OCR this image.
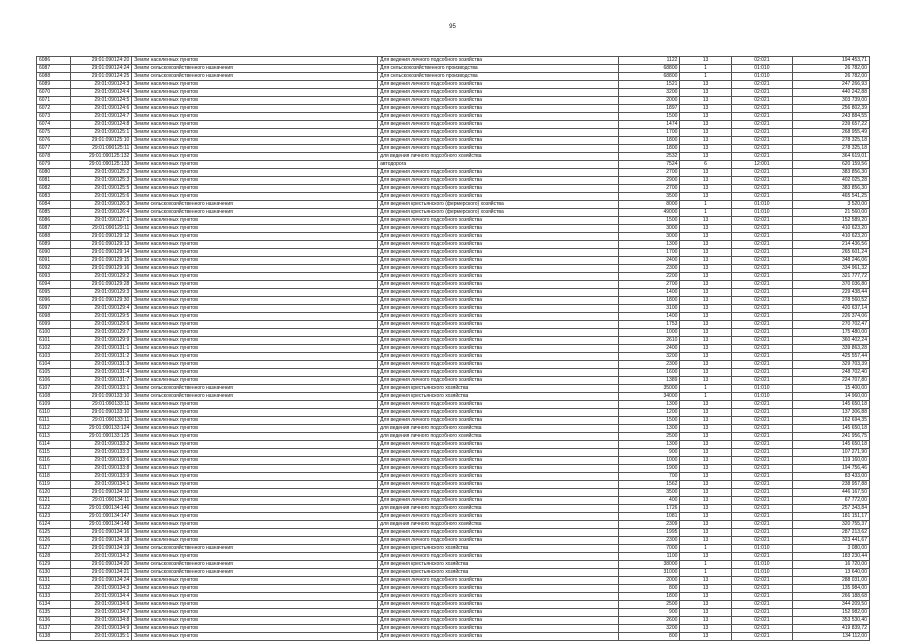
95
6086	29:01:090124:20	Земли населенных пунктов	Для ведения личного подсобного хозяйства	1122	13	02:021	194 453,71
6087	29:01:090124:24	Земли сельскохозяйственного назначения	Для сельскохозяйственного производства	68800	1	01:010	26 782,00
6088	29:01:090124:25	Земли сельскохозяйственного назначения	Для сельскохозяйственного производства	68800	1	01:010	26 782,00
6089	29:01:090124:3	Земли населенных пунктов	Для ведения личного подсобного хозяйства	1521	13	02:021	247 266,93
6070	29:01:090124:4	Земли населенных пунктов	Для ведения личного подсобного хозяйства	3200	13	02:021	440 242,88
6071	29:01:090124:5	Земли населенных пунктов	Для ведения личного подсобного хозяйства	2000	13	02:021	303 739,00
6072	29:01:090124:6	Земли населенных пунктов	Для ведения личного подсобного хозяйства	1897	13	02:021	256 802,39
6073	29:01:090124:7	Земли населенных пунктов	Для ведения личного подсобного хозяйства	1500	13	02:021	243 884,55
6074	29:01:090124:8	Земли населенных пунктов	Для ведения личного подсобного хозяйства	1474	13	02:021	239 657,22
6075	29:01:090125:1	Земли населенных пунктов	Для ведения личного подсобного хозяйства	1700	13	02:021	268 955,49
6076	29:01:090125:10	Земли населенных пунктов	Для ведения личного подсобного хозяйства	1800	13	02:021	278 325,18
6077	29:01:090125:11	Земли населенных пунктов	Для ведения личного подсобного хозяйства	1800	13	02:021	278 325,18
6078	29:01:090125:132	Земли населенных пунктов	для ведения личного подсобного хозяйства	2532	13	02:021	364 619,01
6079	29:01:090125:133	Земли населенных пунктов	автодорога	7524	6	12:001	620 159,56
6080	29:01:090125:2	Земли населенных пунктов	Для ведения личного подсобного хозяйства	2700	13	02:021	383 856,30
6081	29:01:090125:3	Земли населенных пунктов	Для ведения личного подсобного хозяйства	2900	13	02:021	402 025,28
6082	29:01:090125:5	Земли населенных пунктов	Для ведения личного подсобного хозяйства	2700	13	02:021	383 856,30
6083	29:01:090125:6	Земли населенных пунктов	Для ведения личного подсобного хозяйства	3500	13	02:021	465 541,25
6084	29:01:090126:3	Земли сельскохозяйственного назначения	Для ведения крестьянского (фермерского) хозяйства	8000	1	01:010	3 520,00
6085	29:01:090126:4	Земли сельскохозяйственного назначения	Для ведения крестьянского (фермерского) хозяйства	49000	1	01:010	21 560,00
6086	29:01:090127:1	Земли населенных пунктов	Для ведения личного подсобного хозяйства	1500	13	02:021	152 589,20
6087	29:01:090129:11	Земли населенных пунктов	Для ведения личного подсобного хозяйства	3000	13	02:021	410 623,20
6088	29:01:090129:12	Земли населенных пунктов	Для ведения личного подсобного хозяйства	3000	13	02:021	410 623,20
6089	29:01:090129:13	Земли населенных пунктов	Для ведения личного подсобного хозяйства	1300	13	02:021	214 436,56
6090	29:01:090129:14	Земли населенных пунктов	Для ведения личного подсобного хозяйства	1700	13	02:021	265 601,24
6091	29:01:090129:15	Земли населенных пунктов	Для ведения личного подсобного хозяйства	2400	13	02:021	348 246,06
6092	29:01:090129:16	Земли населенных пунктов	Для ведения личного подсобного хозяйства	2300	13	02:021	334 961,32
6093	29:01:090129:2	Земли населенных пунктов	Для ведения личного подсобного хозяйства	2200	13	02:021	321 777,72
6094	29:01:090129:28	Земли населенных пунктов	Для ведения личного подсобного хозяйства	2700	13	02:021	370 036,80
6095	29:01:090129:3	Земли населенных пунктов	Для ведения личного подсобного хозяйства	1400	13	02:021	229 438,44
6096	29:01:090129:30	Земли населенных пунктов	Для ведения личного подсобного хозяйства	1800	13	02:021	278 560,52
6097	29:01:090129:4	Земли населенных пунктов	Для ведения личного подсобного хозяйства	3100	13	02:021	420 637,14
6098	29:01:090129:5	Земли населенных пунктов	Для ведения личного подсобного хозяйства	1400	13	02:021	226 374,06
6099	29:01:090129:6	Земли населенных пунктов	Для ведения личного подсобного хозяйства	1753	13	02:021	270 702,47
6100	29:01:090129:7	Земли населенных пунктов	Для ведения личного подсобного хозяйства	1000	13	02:021	175 480,00
6101	29:01:090129:9	Земли населенных пунктов	Для ведения личного подсобного хозяйства	2610	13	02:021	360 402,24
6102	29:01:090131:1	Земли населенных пунктов	Для ведения личного подсобного хозяйства	2400	13	02:021	339 863,28
6103	29:01:090131:2	Земли населенных пунктов	Для ведения личного подсобного хозяйства	3200	13	02:021	425 557,44
6104	29:01:090131:3	Земли населенных пунктов	Для ведения личного подсобного хозяйства	2300	13	02:021	329 703,39
6105	29:01:090131:4	Земли населенных пунктов	Для ведения личного подсобного хозяйства	1600	13	02:021	248 702,40
6106	29:01:090131:7	Земли населенных пунктов	Для ведения личного подсобного хозяйства	1389	13	02:021	224 707,80
6107	29:01:090133:1	Земли сельскохозяйственного назначения	Для ведения крестьянского хозяйства	35000	1	01:010	15 400,00
6108	29:01:090133:10	Земли сельскохозяйственного назначения	Для ведения крестьянского хозяйства	34000	1	01:010	14 960,00
6109	29:01:090133:11	Земли населенных пунктов	Для ведения личного подсобного хозяйства	1300	13	02:021	145 650,18
6110	29:01:090133:10	Земли населенных пунктов	Для ведения личного подсобного хозяйства	1200	13	02:021	137 306,88
6111	29:01:090133:11	Земли населенных пунктов	Для ведения личного подсобного хозяйства	1500	13	02:021	162 694,35
6112	29:01:090133:124	Земли населенных пунктов	для ведения личного подсобного хозяйства	1300	13	02:021	145 650,18
6113	29:01:090133:125	Земли населенных пунктов	для ведения личного подсобного хозяйства	2500	13	02:021	241 956,75
6114	29:01:090133:2	Земли населенных пунктов	Для ведения личного подсобного хозяйства	1300	13	02:021	145 650,18
6115	29:01:090133:3	Земли населенных пунктов	Для ведения личного подсобного хозяйства	900	13	02:021	107 271,90
6116	29:01:090133:6	Земли населенных пунктов	Для ведения личного подсобного хозяйства	1000	13	02:021	119 160,00
6117	29:01:090133:8	Земли населенных пунктов	Для ведения личного подсобного хозяйства	1900	13	02:021	194 756,46
6118	29:01:090133:9	Земли населенных пунктов	Для ведения личного подсобного хозяйства	700	13	02:021	83 433,00
6119	29:01:090134:1	Земли населенных пунктов	Для ведения личного подсобного хозяйства	1562	13	02:021	238 957,88
6120	29:01:090134:10	Земли населенных пунктов	Для ведения личного подсобного хозяйства	3500	13	02:021	446 167,50
6121	29:01:090134:11	Земли населенных пунктов	Для ведения личного подсобного хозяйства	400	13	02:021	67 772,00
6122	29:01:090134:146	Земли населенных пунктов	для ведения личного подсобного хозяйства	1726	13	02:021	257 343,84
6123	29:01:090134:147	Земли населенных пунктов	Для ведения личного подсобного хозяйства	1081	13	02:021	181 151,17
6124	29:01:090134:148	Земли населенных пунктов	для ведения личного подсобного хозяйства	2309	13	02:021	320 755,37
6125	29:01:090134:16	Земли населенных пунктов	Для ведения личного подсобного хозяйства	1995	13	02:021	287 213,62
6126	29:01:090134:18	Земли населенных пунктов	Для ведения личного подсобного хозяйства	2300	13	02:021	323 441,67
6127	29:01:090134:19	Земли сельскохозяйственного назначения	Для ведения крестьянского хозяйства	7000	1	01:010	3 080,00
6128	29:01:090134:2	Земли населенных пунктов	Для ведения личного подсобного хозяйства	1100	13	02:021	183 230,44
6129	29:01:090134:20	Земли сельскохозяйственного назначения	Для ведения крестьянского хозяйства	38000	1	01:010	16 720,00
6130	29:01:090134:21	Земли сельскохозяйственного назначения	Для ведения крестьянского хозяйства	31000	1	01:010	13 640,00
6131	29:01:090134:24	Земли населенных пунктов	Для ведения личного подсобного хозяйства	2000	13	02:021	288 031,00
6132	29:01:090134:3	Земли населенных пунктов	Для ведения личного подсобного хозяйства	800	13	02:021	135 984,00
6133	29:01:090134:4	Земли населенных пунктов	Для ведения личного подсобного хозяйства	1800	13	02:021	266 188,68
6134	29:01:090134:6	Земли населенных пунктов	Для ведения личного подсобного хозяйства	2500	13	02:021	344 209,50
6135	29:01:090134:7	Земли населенных пунктов	Для ведения личного подсобного хозяйства	900	13	02:021	152 982,00
6136	29:01:090134:8	Земли населенных пунктов	Для ведения личного подсобного хозяйства	2600	13	02:021	353 530,40
6137	29:01:090134:9	Земли населенных пунктов	Для ведения личного подсобного хозяйства	3200	13	02:021	419 839,72
6138	29:01:090135:1	Земли населенных пунктов	Для ведения личного подсобного хозяйства	800	13	02:021	134 112,00
